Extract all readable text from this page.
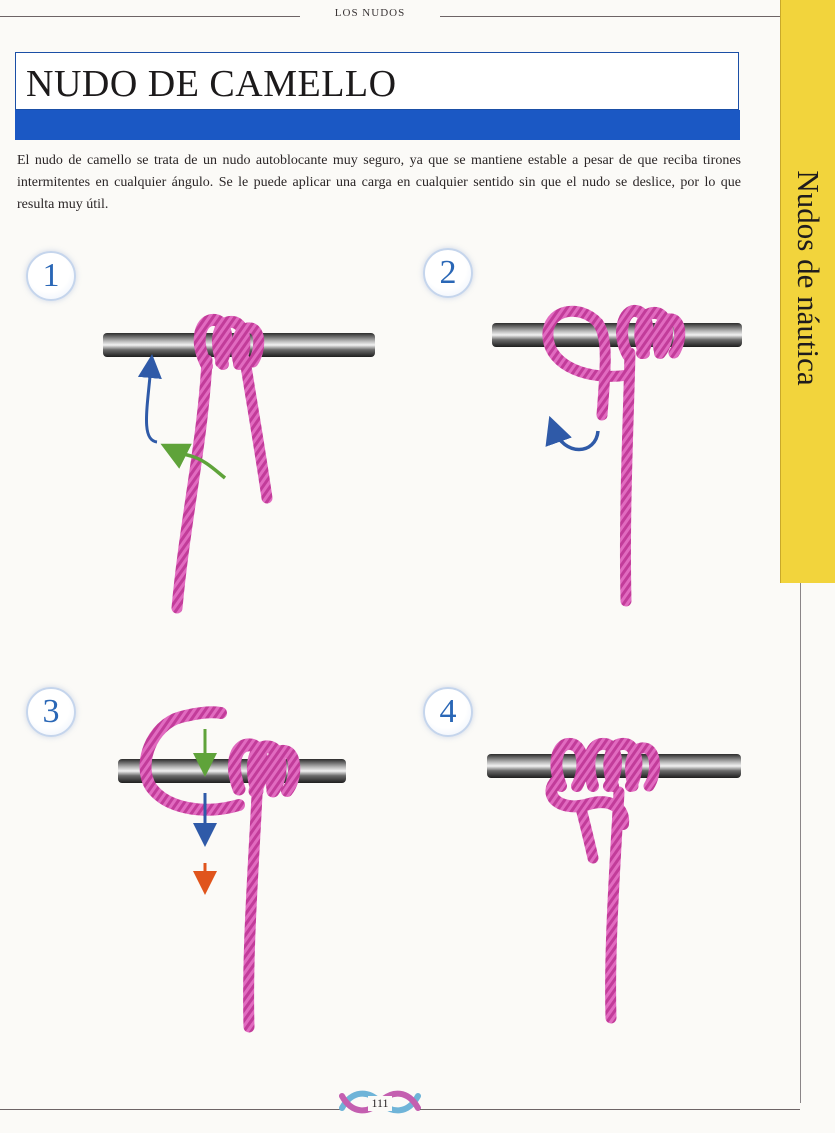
LOS NUDOS
NUDO DE CAMELLO

El nudo de camello se trata de un nudo autoblocante muy seguro, ya que se mantiene estable a pesar de que reciba tirones intermitentes en cualquier ángulo. Se le puede aplicar una carga en cualquier sentido sin que el nudo se deslice, por lo que resulta muy útil.	Nudos de náutica
1	2
3	4
111
